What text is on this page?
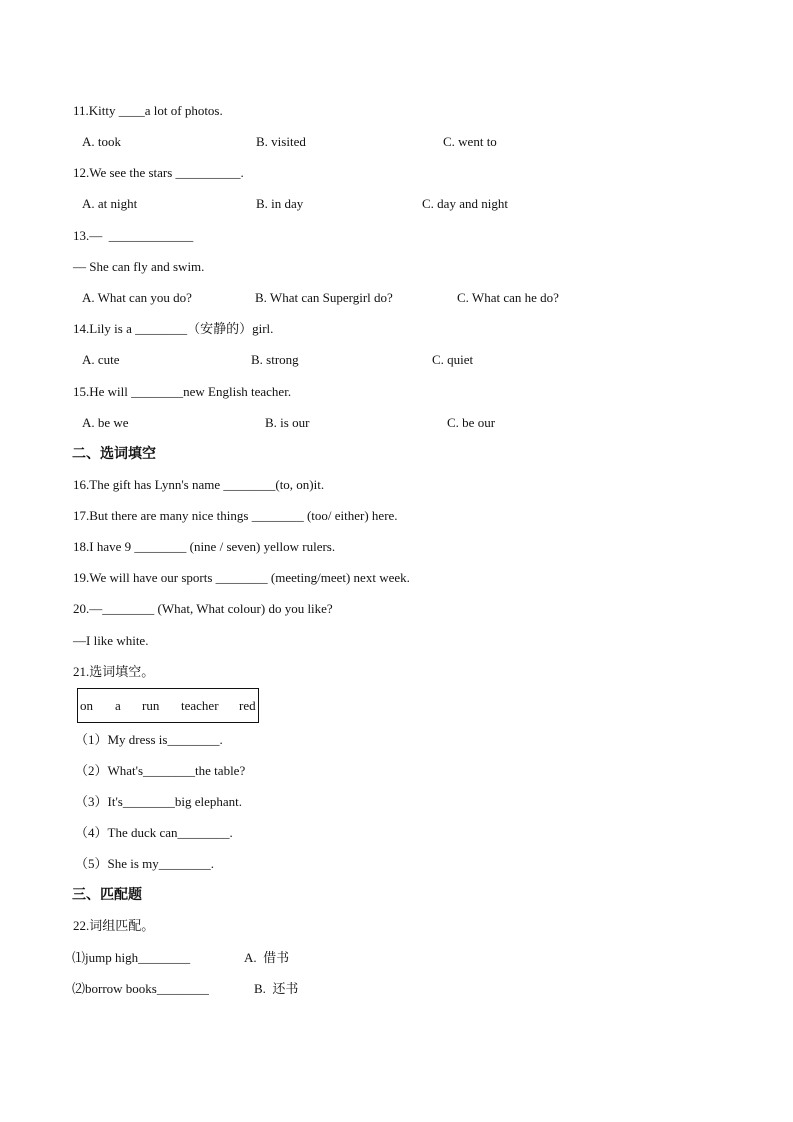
11.Kitty ____a lot of photos.
A. took	B. visited	C. went to
12.We see the stars __________.
A. at night	B. in day	C. day and night
13.—  _____________
— She can fly and swim.
A. What can you do?	B. What can Supergirl do?	C. What can he do?
14.Lily is a ________（安静的）girl.
A. cute	B. strong	C. quiet
15.He will ________new English teacher.
A. be we	B. is our	C. be our
二、选词填空
16.The gift has Lynn's name ________(to, on)it.
17.But there are many nice things ________ (too/ either) here.
18.I have 9 ________ (nine / seven) yellow rulers.
19.We will have our sports ________ (meeting/meet) next week.
20.—________ (What, What colour) do you like?
—I like white.
21.选词填空。
on a run teacher red
（1）My dress is________.
（2）What's________the table?
（3）It's________big elephant.
（4）The duck can________.
（5）She is my________.
三、匹配题
22.词组匹配。
⑴jump high________	A.  借书
⑵borrow books________	B.  还书
